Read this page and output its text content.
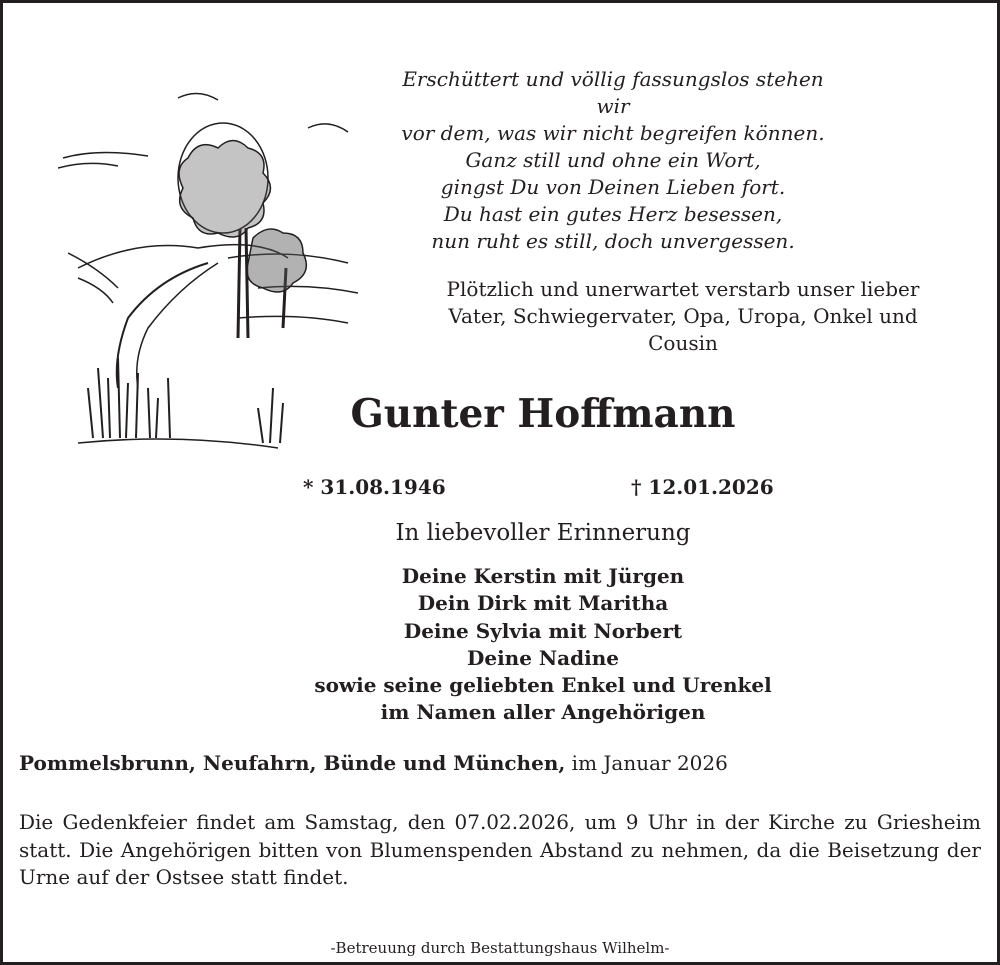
Erschüttert und völlig fassungslos stehen wir
vor dem, was wir nicht begreifen können.
Ganz still und ohne ein Wort,
gingst Du von Deinen Lieben fort.
Du hast ein gutes Herz besessen,
nun ruht es still, doch unvergessen.
Plötzlich und unerwartet verstarb unser lieber
Vater, Schwiegervater, Opa, Uropa, Onkel und
Cousin
Gunter Hoffmann
* 31.08.1946	† 12.01.2026
In liebevoller Erinnerung
Deine Kerstin mit Jürgen
Dein Dirk mit Maritha
Deine Sylvia mit Norbert
Deine Nadine
sowie seine geliebten Enkel und Urenkel
im Namen aller Angehörigen
Pommelsbrunn, Neufahrn, Bünde und München, im Januar 2026
Die Gedenkfeier findet am Samstag, den 07.02.2026, um 9 Uhr in der Kirche zu Griesheim statt. Die Angehörigen bitten von Blumenspenden Abstand zu nehmen, da die Beisetzung der Urne auf der Ostsee statt findet.
-Betreuung durch Bestattungshaus Wilhelm-
